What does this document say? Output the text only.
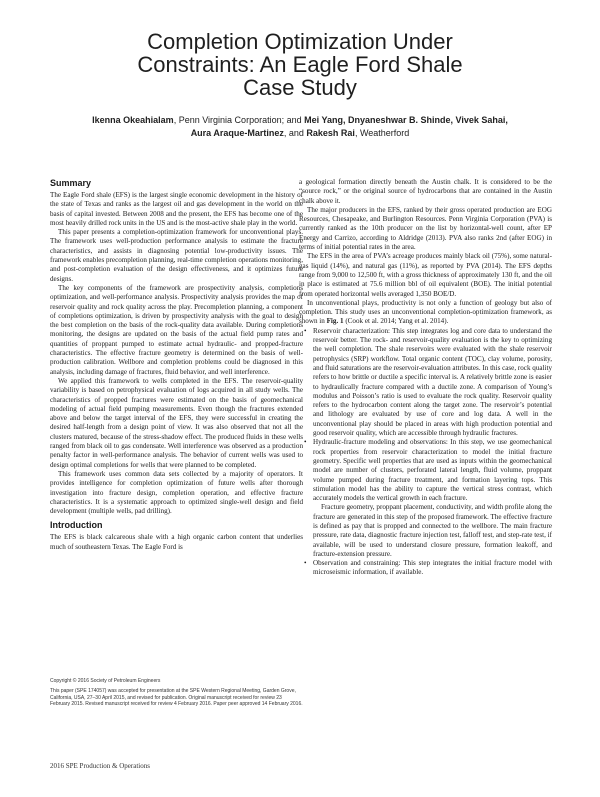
Completion Optimization Under
Constraints: An Eagle Ford Shale
Case Study
Ikenna Okeahialam, Penn Virginia Corporation; and Mei Yang, Dnyaneshwar B. Shinde, Vivek Sahai,
Aura Araque-Martinez, and Rakesh Rai, Weatherford
Summary

The Eagle Ford shale (EFS) is the largest single economic development in the history of the state of Texas and ranks as the largest oil and gas development in the world on the basis of capital invested. Between 2008 and the present, the EFS has become one of the most heavily drilled rock units in the US and is the most-active shale play in the world.

This paper presents a completion-optimization framework for unconventional plays. The framework uses well-production performance analysis to estimate the fracture characteristics, and assists in diagnosing potential low-productivity issues. The framework enables precompletion planning, real-time completion operations monitoring, and post-completion evaluation of the design effectiveness, and it optimizes future designs.

The key components of the framework are prospectivity analysis, completions optimization, and well-performance analysis. Prospectivity analysis provides the map of reservoir quality and rock quality across the play. Precompletion planning, a component of completions optimization, is driven by prospectivity analysis with the goal to design the best completion on the basis of the rock-quality data available. During completions monitoring, the designs are updated on the basis of the actual field pump rates and quantities of proppant pumped to estimate actual hydraulic- and propped-fracture characteristics. The effective fracture geometry is determined on the basis of well-production calibration. Wellbore and completion problems could be diagnosed in this analysis, including damage of fractures, fluid behavior, and well interference.

We applied this framework to wells completed in the EFS. The reservoir-quality variability is based on petrophysical evaluation of logs acquired in all study wells. The characteristics of propped fractures were estimated on the basis of geomechanical modeling of actual field pumping measurements. Even though the fractures extended above and below the target interval of the EFS, they were successful in creating the desired half-length from a design point of view. It was also observed that not all the clusters matured, because of the stress-shadow effect. The produced fluids in these wells ranged from black oil to gas condensate. Well interference was observed as a production penalty factor in well-performance analysis. The behavior of current wells was used to design optimal completions for wells that were planned to be completed.

This framework uses common data sets collected by a majority of operators. It provides intelligence for completion optimization of future wells after thorough investigation into fracture design, completion operation, and effective fracture characteristics. It is a systematic approach to optimized single-well design and field development (multiple wells, pad drilling).

Introduction

The EFS is black calcareous shale with a high organic carbon content that underlies much of southeastern Texas. The Eagle Ford is

Copyright © 2016 Society of Petroleum Engineers

This paper (SPE 174057) was accepted for presentation at the SPE Western Regional Meeting, Garden Grove, California, USA, 27–30 April 2015, and revised for publication. Original manuscript received for review 23 February 2015. Revised manuscript received for review 4 February 2016. Paper peer approved 14 February 2016.

a geological formation directly beneath the Austin chalk. It is considered to be the “source rock,” or the original source of hydrocarbons that are contained in the Austin chalk above it.

The major producers in the EFS, ranked by their gross operated production are EOG Resources, Chesapeake, and Burlington Resources. Penn Virginia Corporation (PVA) is currently ranked as the 10th producer on the list by horizontal-well count, after EP Energy and Carrizo, according to Aldridge (2013). PVA also ranks 2nd (after EOG) in terms of initial potential rates in the area.

The EFS in the area of PVA’s acreage produces mainly black oil (75%), some natural-gas liquid (14%), and natural gas (11%), as reported by PVA (2014). The EFS depths range from 9,000 to 12,500 ft, with a gross thickness of approximately 130 ft, and the oil in place is estimated at 75.6 million bbl of oil equivalent (BOE). The initial potential from operated horizontal wells averaged 1,350 BOE/D.

In unconventional plays, productivity is not only a function of geology but also of completion. This study uses an unconventional completion-optimization framework, as shown in Fig. 1 (Cook et al. 2014; Yang et al. 2014).

• Reservoir characterization: This step integrates log and core data to understand the reservoir better. The rock- and reservoir-quality evaluation is the key to optimizing the well completion. The shale reservoirs were evaluated with the shale reservoir petrophysics (SRP) workflow. Total organic content (TOC), clay volume, porosity, and fluid saturations are the reservoir-evaluation attributes. In this case, rock quality refers to how brittle or ductile a specific interval is. A relatively brittle zone is easier to hydraulically fracture compared with a ductile zone. A comparison of Young’s modulus and Poisson’s ratio is used to evaluate the rock quality. Reservoir quality refers to the hydrocarbon content along the target zone. The reservoir’s potential and lithology are evaluated by use of core and log data. A well in the unconventional play should be placed in areas with high production potential and good reservoir quality, which are accessible through hydraulic fractures.

• Hydraulic-fracture modeling and observations: In this step, we use geomechanical rock properties from reservoir characterization to model the initial fracture geometry. Specific well properties that are used as inputs within the geomechanical model are number of clusters, perforated lateral length, fluid volume, proppant volume pumped during fracture treatment, and formation layering tops. This stimulation model has the ability to capture the vertical stress contrast, which accurately models the vertical growth in each fracture.

Fracture geometry, proppant placement, conductivity, and width profile along the fracture are generated in this step of the proposed framework. The effective fracture is defined as pay that is propped and connected to the wellbore. The main fracture pressure, rate data, diagnostic fracture injection test, falloff test, and step-rate test, if available, will be used to understand closure pressure, formation leakoff, and fracture-extension pressure.

• Observation and constraining: This step integrates the initial fracture model with microseismic information, if available.

2016 SPE Production & Operations
